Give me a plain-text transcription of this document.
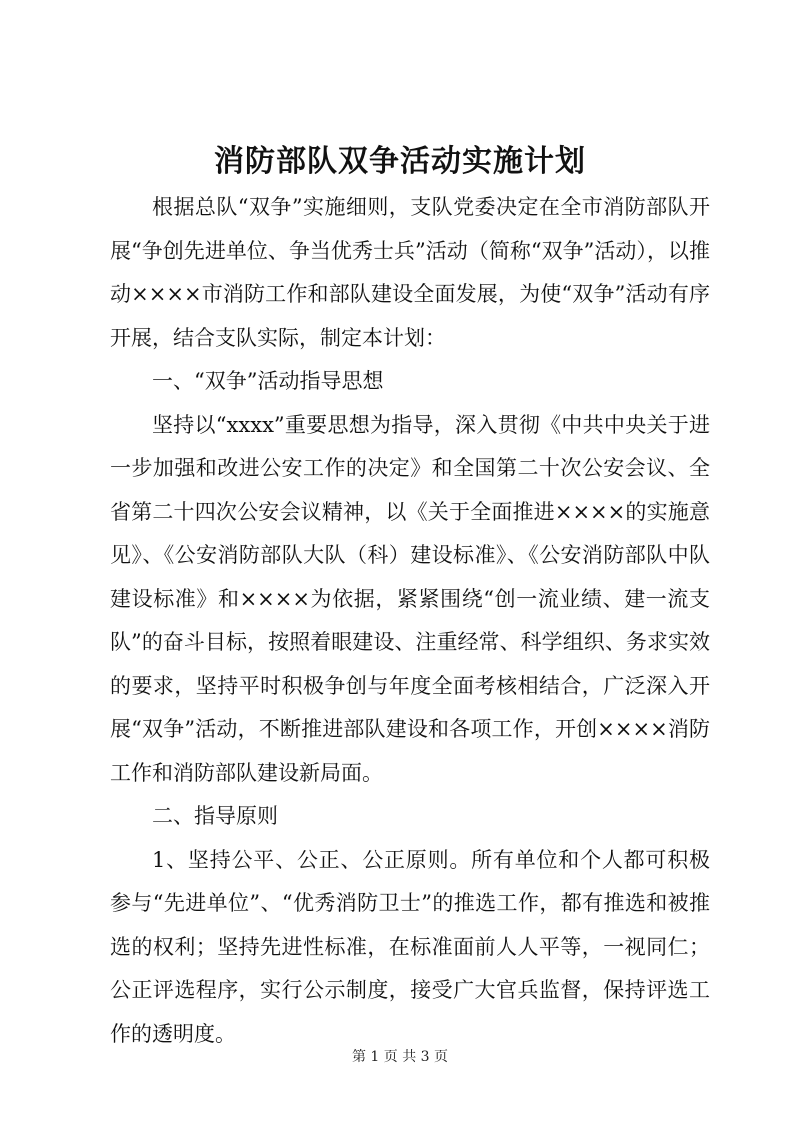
消防部队双争活动实施计划

根据总队“双争”实施细则，支队党委决定在全市消防部队开展“争创先进单位、争当优秀士兵”活动（简称“双争”活动），以推动××××市消防工作和部队建设全面发展，为使“双争”活动有序开展，结合支队实际，制定本计划：

一、“双争”活动指导思想

坚持以“xxxx”重要思想为指导，深入贯彻《中共中央关于进一步加强和改进公安工作的决定》和全国第二十次公安会议、全省第二十四次公安会议精神，以《关于全面推进××××的实施意见》、《公安消防部队大队（科）建设标准》、《公安消防部队中队建设标准》和××××为依据，紧紧围绕“创一流业绩、建一流支队”的奋斗目标，按照着眼建设、注重经常、科学组织、务求实效的要求，坚持平时积极争创与年度全面考核相结合，广泛深入开展“双争”活动，不断推进部队建设和各项工作，开创××××消防工作和消防部队建设新局面。

二、指导原则

1、坚持公平、公正、公正原则。所有单位和个人都可积极参与“先进单位”、“优秀消防卫士”的推选工作，都有推选和被推选的权利；坚持先进性标准，在标准面前人人平等，一视同仁；公正评选程序，实行公示制度，接受广大官兵监督，保持评选工作的透明度。

第 1 页 共 3 页
